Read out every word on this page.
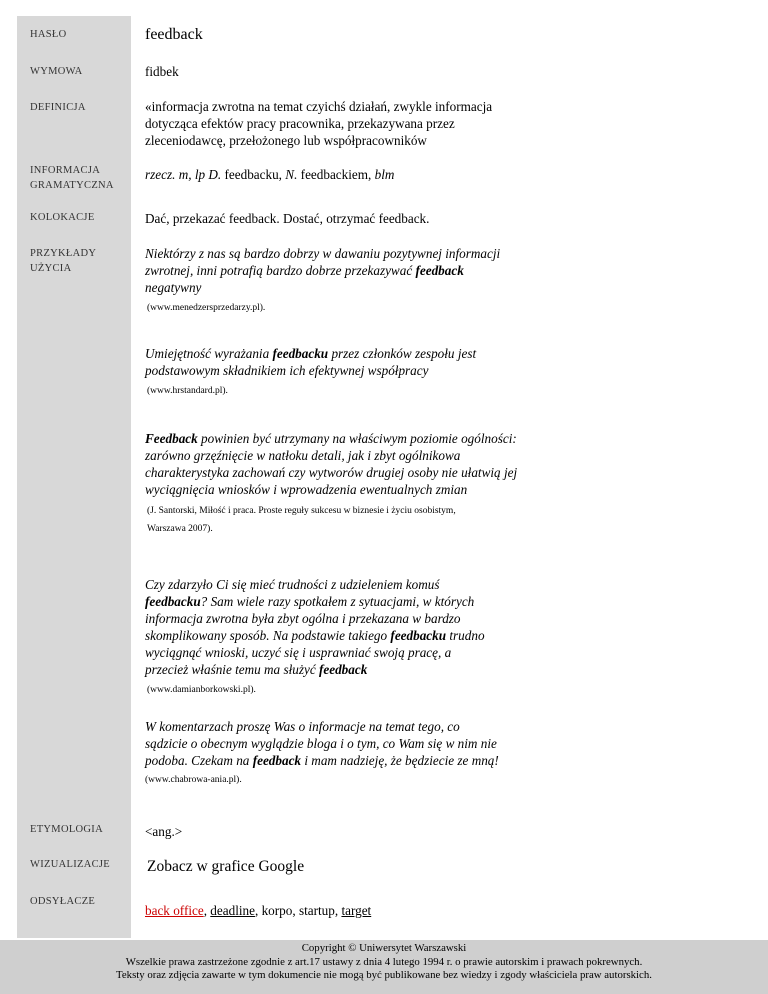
HASŁO
WYMOWA
DEFINICJA
INFORMACJA GRAMATYCZNA
KOLOKACJE
PRZYKŁADY UŻYCIA
ETYMOLOGIA
WIZUALIZACJE
ODSYŁACZE
feedback
fidbek
«informacja zwrotna na temat czyichś działań, zwykle informacja dotycząca efektów pracy pracownika, przekazywana przez zleceniodawcę, przełożonego lub współpracowników
rzecz. m, lp D. feedbacku, N. feedbackiem, blm
Dać, przekazać feedback. Dostać, otrzymać feedback.
Niektórzy z nas są bardzo dobrzy w dawaniu pozytywnej informacji zwrotnej, inni potrafią bardzo dobrze przekazywać feedback negatywny
(www.menedzersprzedarzy.pl).
Umiejętność wyrażania feedbacku przez członków zespołu jest podstawowym składnikiem ich efektywnej współpracy
(www.hrstandard.pl).
Feedback powinien być utrzymany na właściwym poziomie ogólności: zarówno grzęźnięcie w natłoku detali, jak i zbyt ogólnikowa charakterystyka zachowań czy wytworów drugiej osoby nie ułatwią jej wyciągnięcia wniosków i wprowadzenia ewentualnych zmian
(J. Santorski, Miłość i praca. Proste reguły sukcesu w biznesie i życiu osobistym, Warszawa 2007).
Czy zdarzyło Ci się mieć trudności z udzieleniem komuś feedbacku? Sam wiele razy spotkałem z sytuacjami, w których informacja zwrotna była zbyt ogólna i przekazana w bardzo skomplikowany sposób. Na podstawie takiego feedbacku trudno wyciągnąć wnioski, uczyć się i usprawniać swoją pracę, a przecież właśnie temu ma służyć feedback
(www.damianborkowski.pl).
W komentarzach proszę Was o informacje na temat tego, co sądzicie o obecnym wyglądzie bloga i o tym, co Wam się w nim nie podoba. Czekam na feedback i mam nadzieję, że będziecie ze mną! (www.chabrowa-ania.pl).
<ang.>
Zobacz w grafice Google
back office, deadline, korpo, startup, target
Copyright © Uniwersytet Warszawski
Wszelkie prawa zastrzeżone zgodnie z art.17 ustawy z dnia 4 lutego 1994 r. o prawie autorskim i prawach pokrewnych.
Teksty oraz zdjęcia zawarte w tym dokumencie nie mogą być publikowane bez wiedzy i zgody właściciela praw autorskich.
